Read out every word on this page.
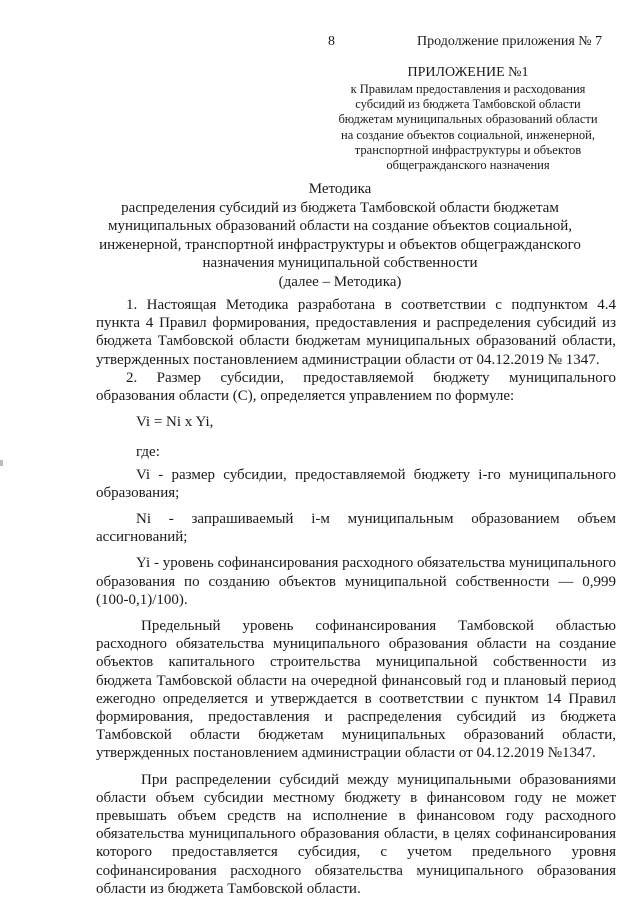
8	Продолжение приложения № 7
ПРИЛОЖЕНИЕ №1
к Правилам предоставления и расходования
субсидий из бюджета Тамбовской области
бюджетам муниципальных образований области
на создание объектов социальной, инженерной,
транспортной инфраструктуры и объектов
общегражданского назначения
Методика
распределения субсидий из бюджета Тамбовской области бюджетам
муниципальных образований области на создание объектов социальной,
инженерной, транспортной инфраструктуры и объектов общегражданского
назначения муниципальной собственности
(далее – Методика)

1. Настоящая Методика разработана в соответствии с подпунктом 4.4 пункта 4 Правил формирования, предоставления и распределения субсидий из бюджета Тамбовской области бюджетам муниципальных образований области, утвержденных постановлением администрации области от 04.12.2019 № 1347.

2. Размер субсидии, предоставляемой бюджету муниципального образования области (С), определяется управлением по формуле:

Vi = Ni x Yi,

где:

Vi - размер субсидии, предоставляемой бюджету i-го муниципального образования;

Ni - запрашиваемый i-м муниципальным образованием объем ассигнований;

Yi - уровень софинансирования расходного обязательства муниципального образования по созданию объектов муниципальной собственности — 0,999 (100-0,1)/100).

Предельный уровень софинансирования Тамбовской областью расходного обязательства муниципального образования области на создание объектов капитального строительства муниципальной собственности из бюджета Тамбовской области на очередной финансовый год и плановый период ежегодно определяется и утверждается в соответствии с пунктом 14 Правил формирования, предоставления и распределения субсидий из бюджета Тамбовской области бюджетам муниципальных образований области, утвержденных постановлением администрации области от 04.12.2019 №1347.

При распределении субсидий между муниципальными образованиями области объем субсидии местному бюджету в финансовом году не может превышать объем средств на исполнение в финансовом году расходного обязательства муниципального образования области, в целях софинансирования которого предоставляется субсидия, с учетом предельного уровня софинансирования расходного обязательства муниципального образования области из бюджета Тамбовской области.
